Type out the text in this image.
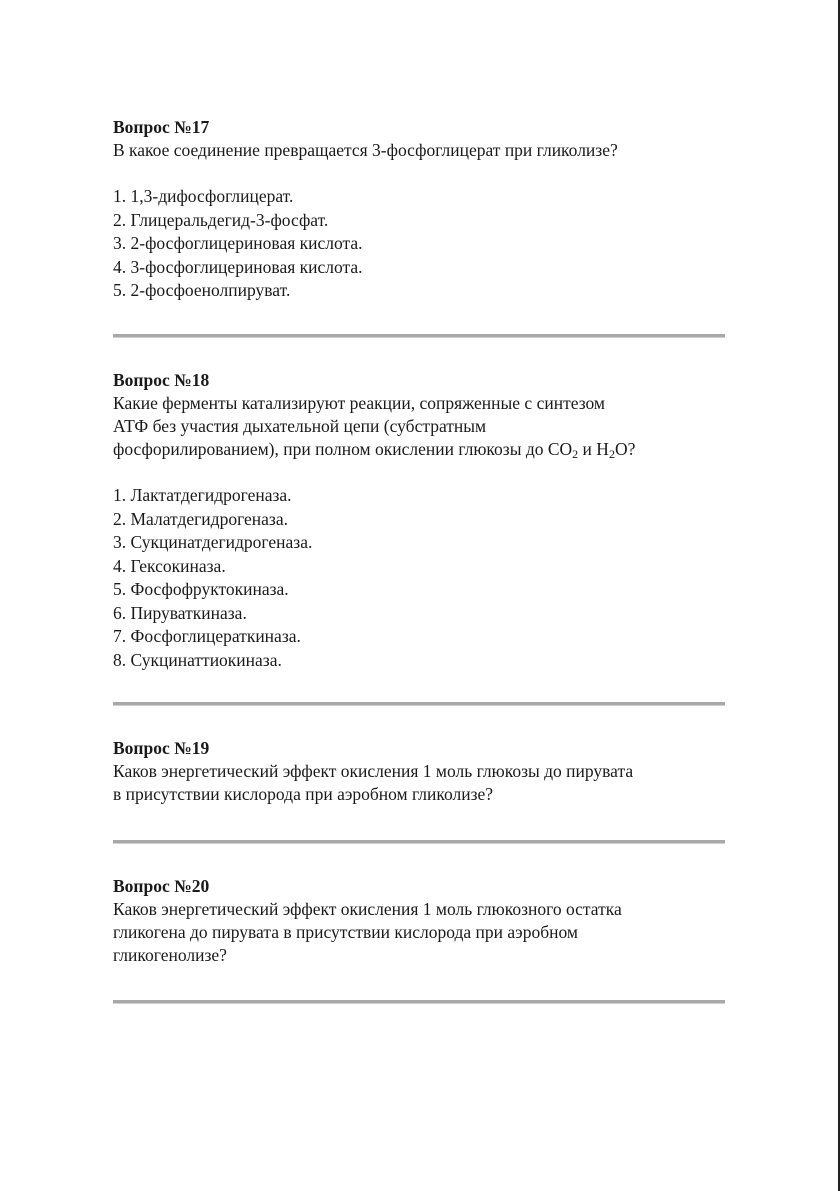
Вопрос №17

В какое соединение превращается 3-фосфоглицерат при гликолизе?

1. 1,3-дифосфоглицерат.
2. Глицеральдегид-3-фосфат.
3. 2-фосфоглицериновая кислота.
4. 3-фосфоглицериновая кислота.
5. 2-фосфоенолпируват.

Вопрос №18

Какие ферменты катализируют реакции, сопряженные с синтезом

АТФ без участия дыхательной цепи (субстратным

фосфорилированием), при полном окислении глюкозы до $CO_2$ и $H_2O$?

1. Лактатдегидрогеназа.
2. Малатдегидрогеназа.
3. Сукцинатдегидрогеназа.
4. Гексокиназа.
5. Фосфофруктокиназа.
6. Пируваткиназа.
7. Фосфоглицераткиназа.
8. Сукцинаттиокиназа.

Вопрос №19

Каков энергетический эффект окисления 1 моль глюкозы до пирувата

в присутствии кислорода при аэробном гликолизе?

Вопрос №20

Каков энергетический эффект окисления 1 моль глюкозного остатка

гликогена до пирувата в присутствии кислорода при аэробном

гликогенолизе?
